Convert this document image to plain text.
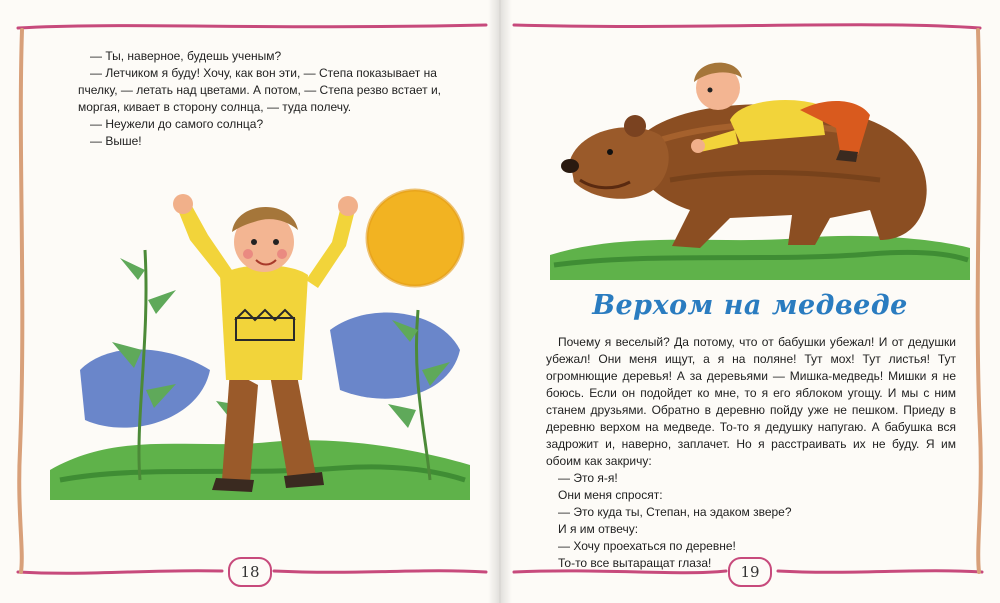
— Ты, наверное, будешь ученым?

— Летчиком я буду! Хочу, как вон эти, — Степа показывает на пчелку, — летать над цветами. А потом, — Степа резво встает и, моргая, кивает в сторону солнца, — туда полечу.

— Неужели до самого солнца?

— Выше!

18
Верхом на медведе

Почему я веселый? Да потому, что от бабушки убежал! И от дедушки убежал! Они меня ищут, а я на поляне! Тут мох! Тут листья! Тут огромнющие деревья! А за деревьями — Мишка-медведь! Мишки я не боюсь. Если он подойдет ко мне, то я его яблоком угощу. И мы с ним станем друзьями. Обратно в деревню пойду уже не пешком. Приеду в деревню верхом на медведе. То-то я дедушку напугаю. А бабушка вся задрожит и, наверно, заплачет. Но я расстраивать их не буду. Я им обоим как закричу:

— Это я-я!

Они меня спросят:

— Это куда ты, Степан, на эдаком звере?

И я им отвечу:

— Хочу проехаться по деревне!

То-то все вытаращат глаза!	19
